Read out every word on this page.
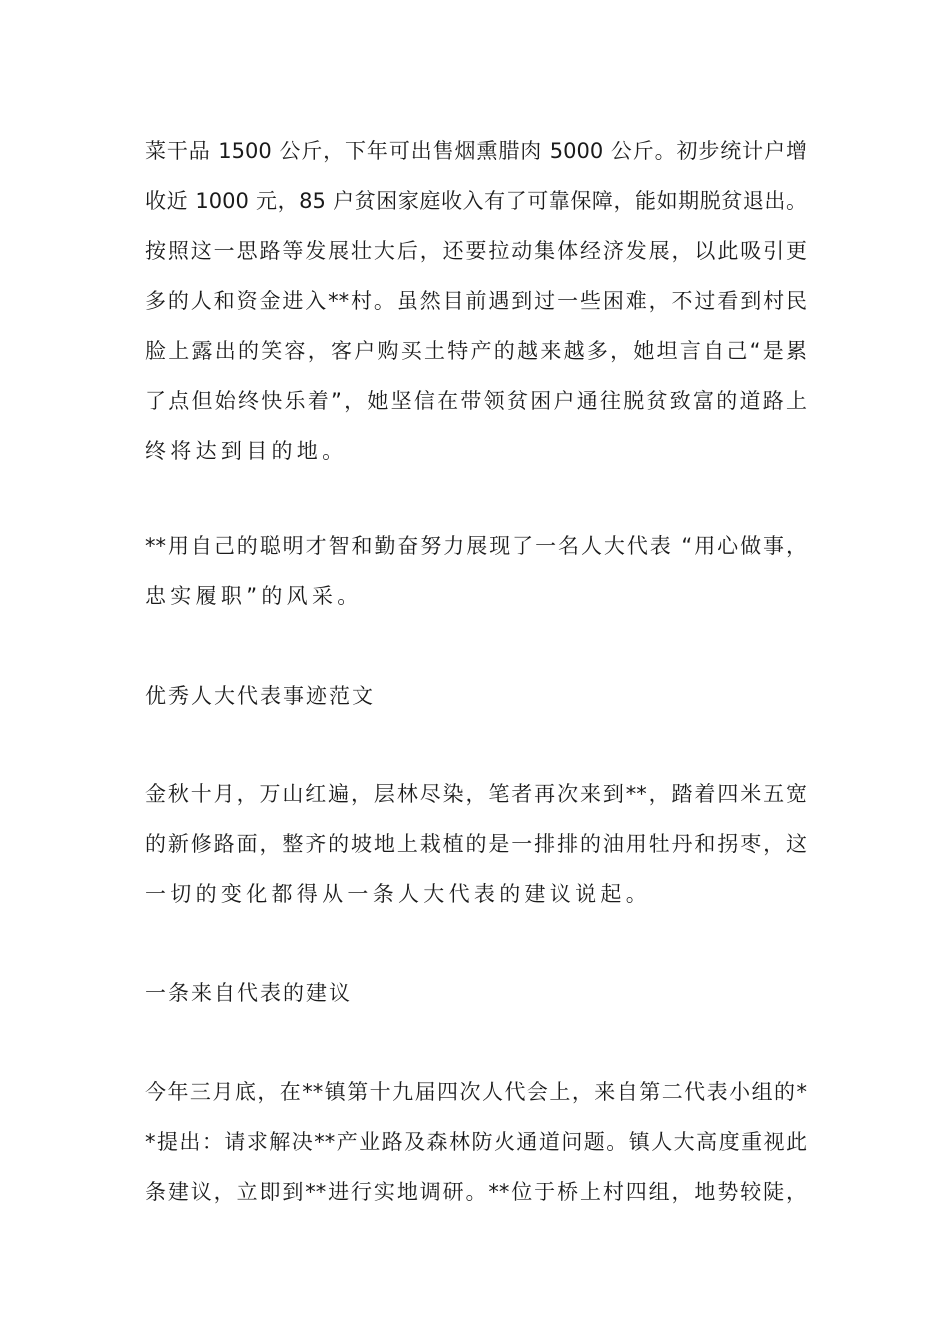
菜干品 1500 公斤，下年可出售烟熏腊肉 5000 公斤。初步统计户增
收近 1000 元，85 户贫困家庭收入有了可靠保障，能如期脱贫退出。
按照这一思路等发展壮大后，还要拉动集体经济发展，以此吸引更
多的人和资金进入**村。虽然目前遇到过一些困难，不过看到村民
脸上露出的笑容，客户购买土特产的越来越多，她坦言自己“是累
了点但始终快乐着”，她坚信在带领贫困户通往脱贫致富的道路上
终将达到目的地。
**用自己的聪明才智和勤奋努力展现了一名人大代表 “用心做事，
忠实履职”的风采。
优秀人大代表事迹范文
金秋十月，万山红遍，层林尽染，笔者再次来到**，踏着四米五宽
的新修路面，整齐的坡地上栽植的是一排排的油用牡丹和拐枣，这
一切的变化都得从一条人大代表的建议说起。
一条来自代表的建议
今年三月底，在**镇第十九届四次人代会上，来自第二代表小组的*
*提出：请求解决**产业路及森林防火通道问题。镇人大高度重视此
条建议，立即到**进行实地调研。**位于桥上村四组，地势较陡，
